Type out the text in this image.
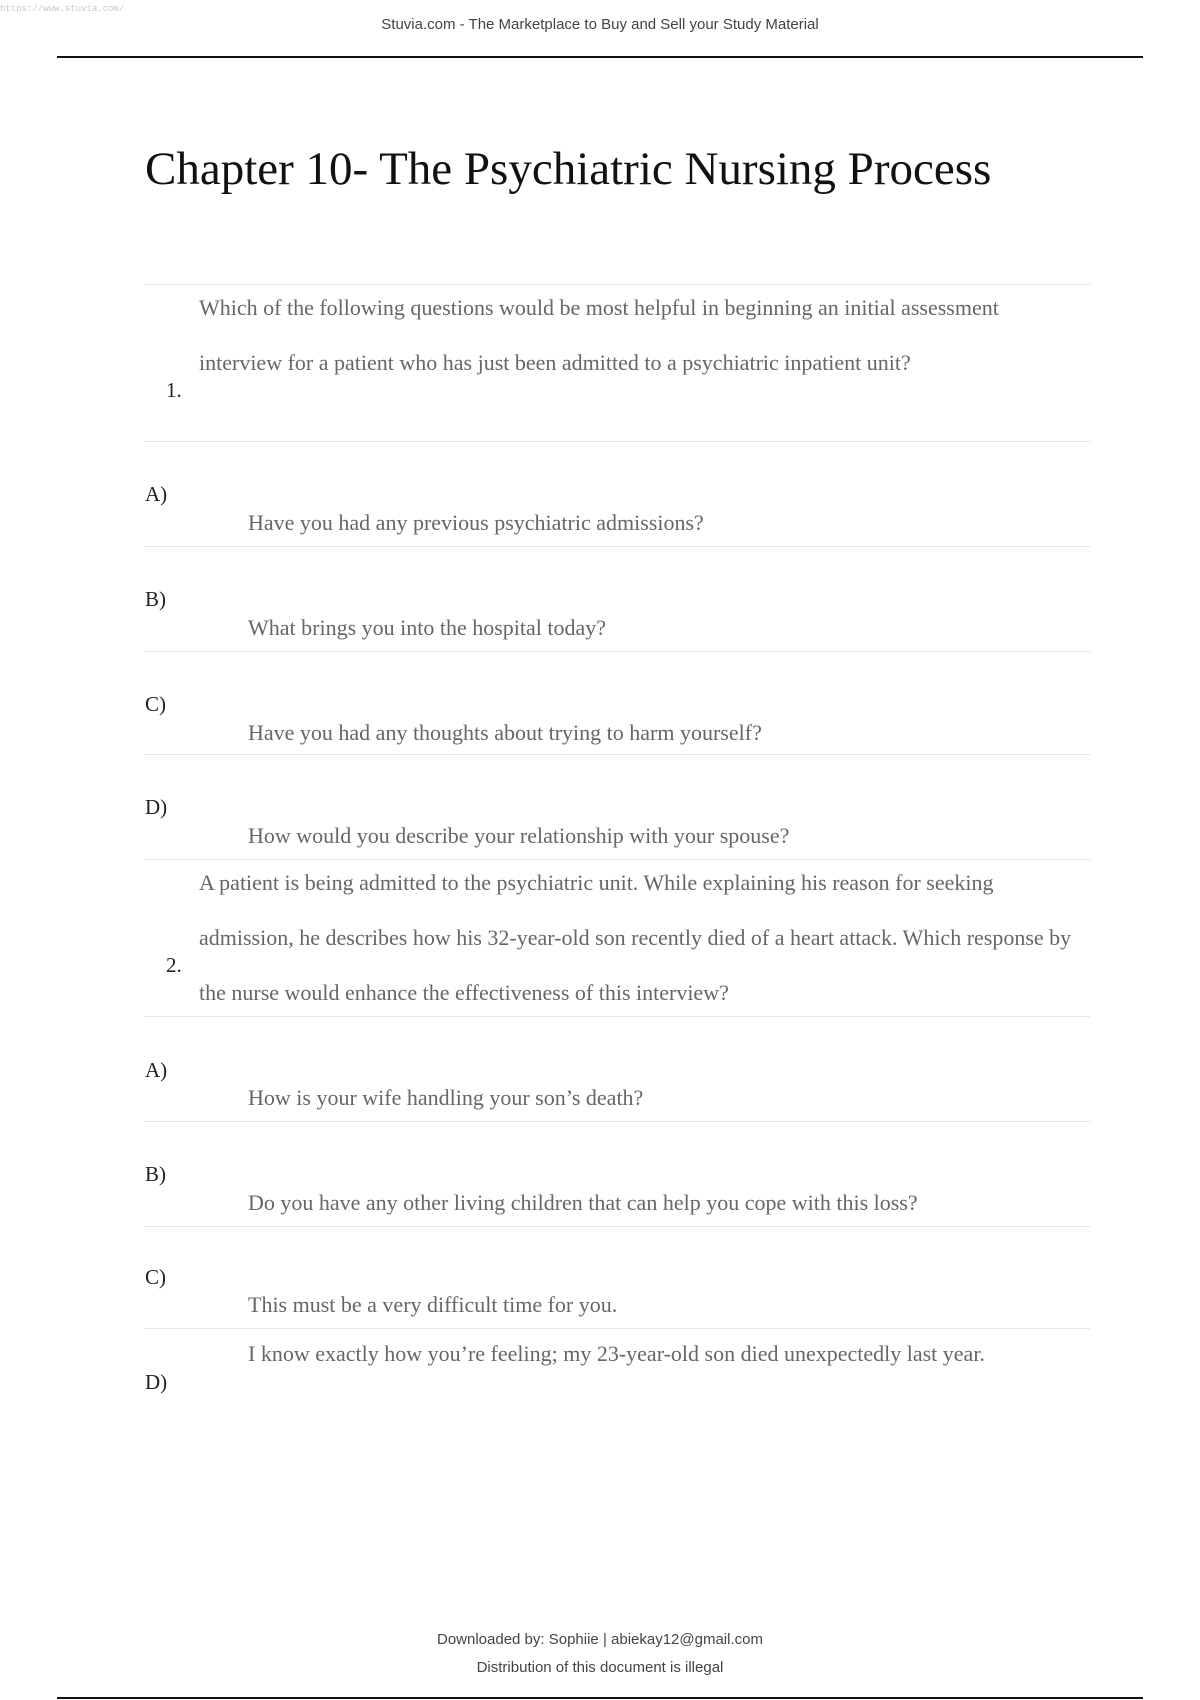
https://www.stuvia.com/
Stuvia.com - The Marketplace to Buy and Sell your Study Material
Chapter 10- The Psychiatric Nursing Process
1.
Which of the following questions would be most helpful in beginning an initial assessment interview for a patient who has just been admitted to a psychiatric inpatient unit?
A)
Have you had any previous psychiatric admissions?
B)
What brings you into the hospital today?
C)
Have you had any thoughts about trying to harm yourself?
D)
How would you describe your relationship with your spouse?
2.
A patient is being admitted to the psychiatric unit. While explaining his reason for seeking admission, he describes how his 32-year-old son recently died of a heart attack. Which response by the nurse would enhance the effectiveness of this interview?
A)
How is your wife handling your son’s death?
B)
Do you have any other living children that can help you cope with this loss?
C)
This must be a very difficult time for you.
D)
I know exactly how you’re feeling; my 23-year-old son died unexpectedly last year.
Downloaded by: Sophiie | abiekay12@gmail.com
Distribution of this document is illegal
